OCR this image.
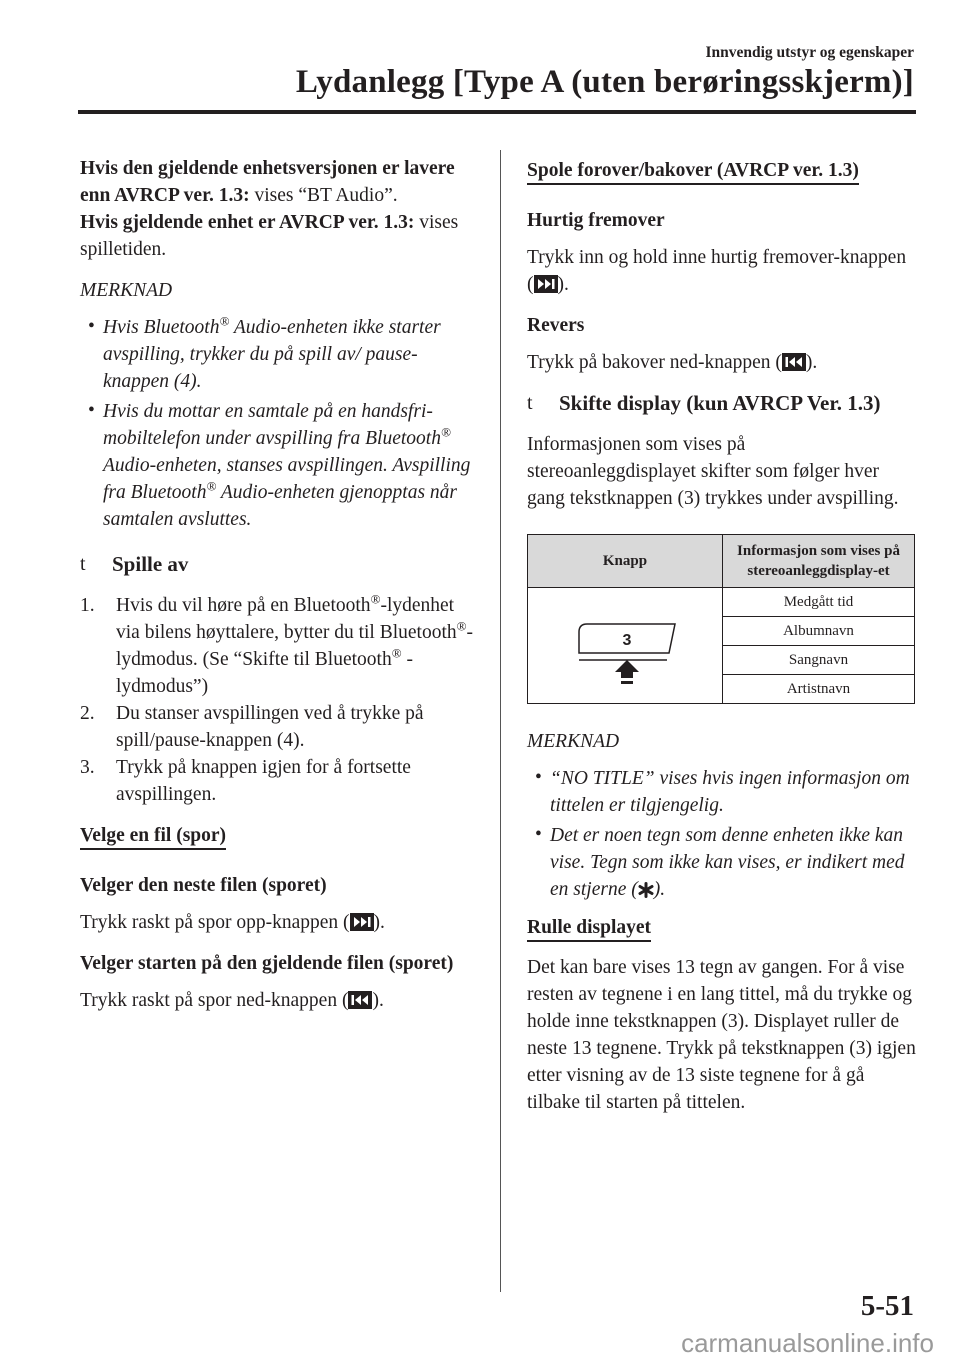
Innvendig utstyr og egenskaper
Lydanlegg [Type A (uten berøringsskjerm)]

Hvis den gjeldende enhetsversjonen er lavere enn AVRCP ver. 1.3: vises “BT Audio”.

Hvis gjeldende enhet er AVRCP ver. 1.3: vises spilletiden.

MERKNAD

• Hvis Bluetooth® Audio-enheten ikke starter avspilling, trykker du på spill av/ pause-knappen (4).
• Hvis du mottar en samtale på en handsfri-mobiltelefon under avspilling fra Bluetooth® Audio-enheten, stanses avspillingen. Avspilling fra Bluetooth® Audio-enheten gjenopptas når samtalen avsluttes.
t Spille av
1. Hvis du vil høre på en Bluetooth®-lydenhet via bilens høyttalere, bytter du til Bluetooth®-lydmodus. (Se “Skifte til Bluetooth® -lydmodus”)
2. Du stanser avspillingen ved å trykke på spill/pause-knappen (4).
3. Trykk på knappen igjen for å fortsette avspillingen.
Velge en fil (spor)

Velger den neste filen (sporet)

Trykk raskt på spor opp-knappen ( ).

Velger starten på den gjeldende filen (sporet)

Trykk raskt på spor ned-knappen ( ).

Spole forover/bakover (AVRCP ver. 1.3)

Hurtig fremover

Trykk inn og hold inne hurtig fremover-knappen ( ).

Revers

Trykk på bakover ned-knappen ( ).

t Skifte display (kun AVRCP Ver. 1.3)

Informasjonen som vises på stereoanleggdisplayet skifter som følger hver gang tekstknappen (3) trykkes under avspilling.

Knapp	Informasjon som vises på stereoanleggdisplay-et

3	Medgått tid
	Albumnavn
	Sangnavn
	Artistnavn

MERKNAD

• “NO TITLE” vises hvis ingen informasjon om tittelen er tilgjengelig.
• Det er noen tegn som denne enheten ikke kan vise. Tegn som ikke kan vises, er indikert med en stjerne ( ).
Rulle displayet

Det kan bare vises 13 tegn av gangen. For å vise resten av tegnene i en lang tittel, må du trykke og holde inne tekstknappen (3). Displayet ruller de neste 13 tegnene. Trykk på tekstknappen (3) igjen etter visning av de 13 siste tegnene for å gå tilbake til starten på tittelen.

5-51
carmanualsonline.info
